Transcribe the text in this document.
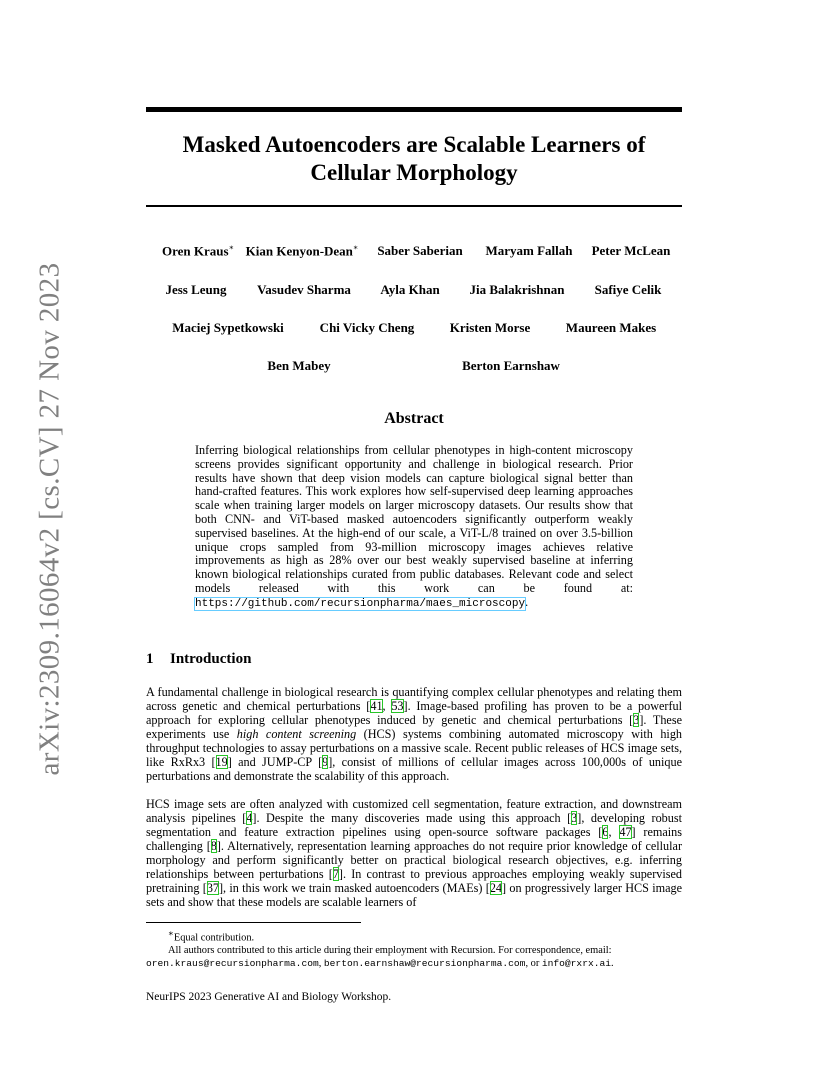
arXiv:2309.16064v2 [cs.CV] 27 Nov 2023
Masked Autoencoders are Scalable Learners of
Cellular Morphology
Oren Kraus∗ Kian Kenyon-Dean∗ Saber Saberian Maryam Fallah Peter McLean
Jess Leung Vasudev Sharma Ayla Khan Jia Balakrishnan Safiye Celik
Maciej Sypetkowski	Chi Vicky Cheng	Kristen Morse	Maureen Makes
Ben Mabey	Berton Earnshaw
Abstract
Inferring biological relationships from cellular phenotypes in high-content microscopy screens provides significant opportunity and challenge in biological research. Prior results have shown that deep vision models can capture biological signal better than hand-crafted features. This work explores how self-supervised deep learning approaches scale when training larger models on larger microscopy datasets. Our results show that both CNN- and ViT-based masked autoencoders significantly outperform weakly supervised baselines. At the high-end of our scale, a ViT-L/8 trained on over 3.5-billion unique crops sampled from 93-million microscopy images achieves relative improvements as high as 28% over our best weakly supervised baseline at inferring known biological relationships curated from public databases. Relevant code and select models released with this work can be found at: https://github.com/recursionpharma/maes_microscopy.
1 Introduction

A fundamental challenge in biological research is quantifying complex cellular phenotypes and relating them across genetic and chemical perturbations [41, 53]. Image-based profiling has proven to be a powerful approach for exploring cellular phenotypes induced by genetic and chemical perturbations [3]. These experiments use high content screening (HCS) systems combining automated microscopy with high throughput technologies to assay perturbations on a massive scale. Recent public releases of HCS image sets, like RxRx3 [19] and JUMP-CP [9], consist of millions of cellular images across 100,000s of unique perturbations and demonstrate the scalability of this approach.

HCS image sets are often analyzed with customized cell segmentation, feature extraction, and downstream analysis pipelines [4]. Despite the many discoveries made using this approach [3], developing robust segmentation and feature extraction pipelines using open-source software packages [6, 47] remains challenging [8]. Alternatively, representation learning approaches do not require prior knowledge of cellular morphology and perform significantly better on practical biological research objectives, e.g. inferring relationships between perturbations [7]. In contrast to previous approaches employing weakly supervised pretraining [37], in this work we train masked autoencoders (MAEs) [24] on progressively larger HCS image sets and show that these models are scalable learners of

∗Equal contribution.
All authors contributed to this article during their employment with Recursion. For correspondence, email:
oren.kraus@recursionpharma.com, berton.earnshaw@recursionpharma.com, or info@rxrx.ai.
NeurIPS 2023 Generative AI and Biology Workshop.
